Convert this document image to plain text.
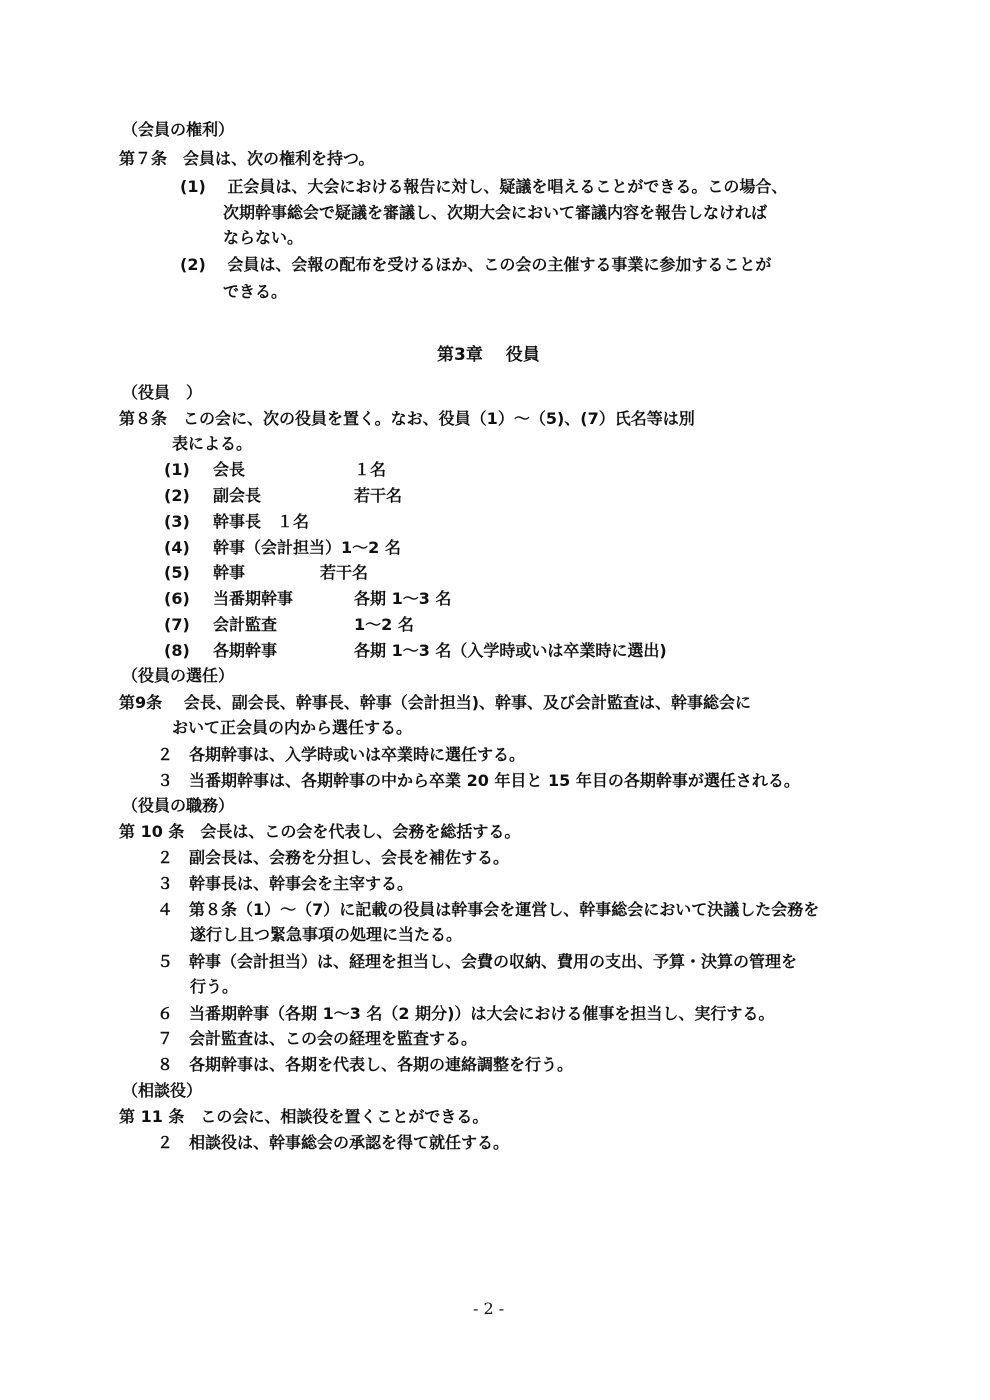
（会員の権利）
第７条　会員は、次の権利を持つ。
(1)　 正会員は、大会における報告に対し、疑議を唱えることができる。この場合、
次期幹事総会で疑議を審議し、次期大会において審議内容を報告しなければ
ならない。
(2)　 会員は、会報の配布を受けるほか、この会の主催する事業に参加することが
できる。
第3章　 役員
（役員　）
第８条　この会に、次の役員を置く。なお、役員（1）～（5)、(7）氏名等は別
表による。
(1) 会長	１名
(2) 副会長	若干名
(3) 幹事長　１名
(4) 幹事（会計担当）1～2 名
(5) 幹事	若干名
(6) 当番期幹事	各期 1～3 名
(7) 会計監査	1～2 名
(8) 各期幹事	各期 1～3 名（入学時或いは卒業時に選出)
（役員の選任）
第9条　 会長、副会長、幹事長、幹事（会計担当)、幹事、及び会計監査は、幹事総会に
おいて正会員の内から選任する。
２　各期幹事は、入学時或いは卒業時に選任する。
３　当番期幹事は、各期幹事の中から卒業 20 年目と 15 年目の各期幹事が選任される。
（役員の職務）
第 10 条　会長は、この会を代表し、会務を総括する。
２　副会長は、会務を分担し、会長を補佐する。
３　幹事長は、幹事会を主宰する。
４　第８条（1）～（7）に記載の役員は幹事会を運営し、幹事総会において決議した会務を
遂行し且つ緊急事項の処理に当たる。
５　幹事（会計担当）は、経理を担当し、会費の収納、費用の支出、予算・決算の管理を
行う。
６　当番期幹事（各期 1～3 名（2 期分)）は大会における催事を担当し、実行する。
７　会計監査は、この会の経理を監査する。
８　各期幹事は、各期を代表し、各期の連絡調整を行う。
（相談役）
第 11 条　この会に、相談役を置くことができる。
２　相談役は、幹事総会の承認を得て就任する。
- 2 -
